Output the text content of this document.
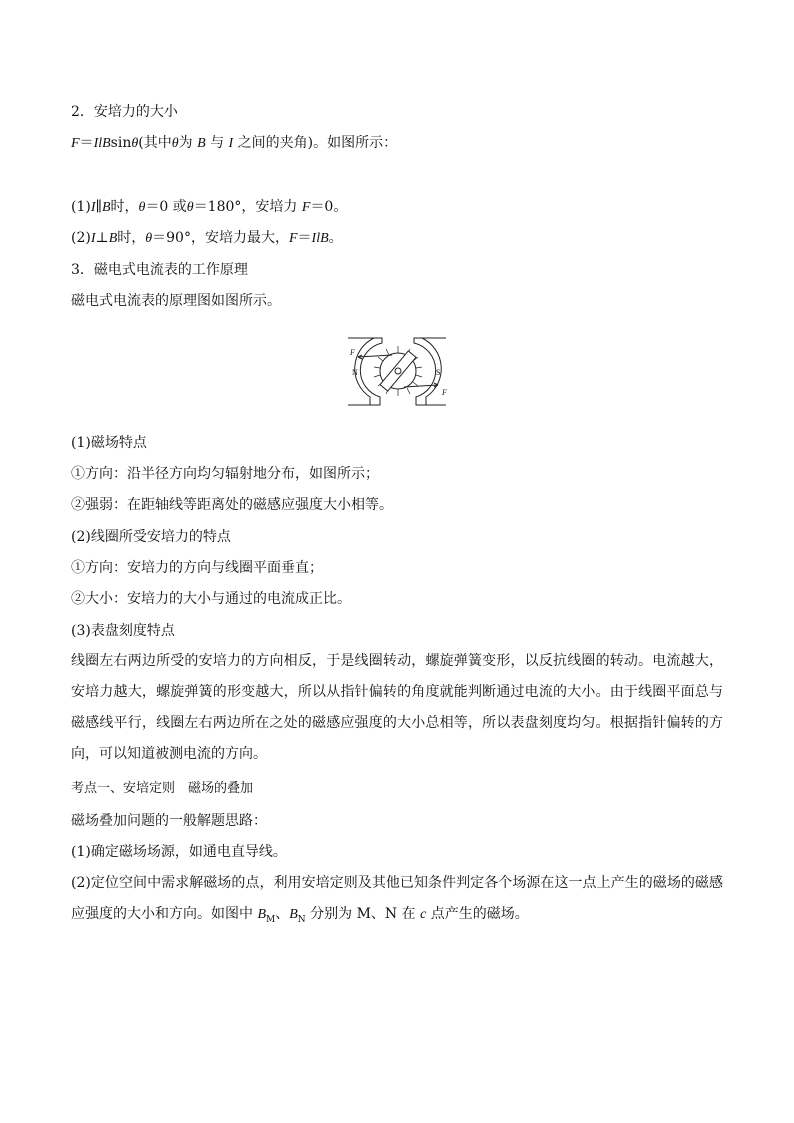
2．安培力的大小
F＝IlBsinθ(其中θ为 B 与 I 之间的夹角)。如图所示：
(1)I∥B时，θ＝0 或θ＝180°，安培力 F＝0。
(2)I⊥B时，θ＝90°，安培力最大，F＝IlB。
3．磁电式电流表的工作原理
磁电式电流表的原理图如图所示。
F
F
N	S
(1)磁场特点
①方向：沿半径方向均匀辐射地分布，如图所示；
②强弱：在距轴线等距离处的磁感应强度大小相等。
(2)线圈所受安培力的特点
①方向：安培力的方向与线圈平面垂直；
②大小：安培力的大小与通过的电流成正比。
(3)表盘刻度特点
线圈左右两边所受的安培力的方向相反，于是线圈转动，螺旋弹簧变形，以反抗线圈的转动。电流越大，安培力越大，螺旋弹簧的形变越大，所以从指针偏转的角度就能判断通过电流的大小。由于线圈平面总与磁感线平行，线圈左右两边所在之处的磁感应强度的大小总相等，所以表盘刻度均匀。根据指针偏转的方向，可以知道被测电流的方向。
考点一、安培定则　磁场的叠加
磁场叠加问题的一般解题思路：
(1)确定磁场场源，如通电直导线。
(2)定位空间中需求解磁场的点，利用安培定则及其他已知条件判定各个场源在这一点上产生的磁场的磁感应强度的大小和方向。如图中 $B_M$、$B_N$ 分别为 M、N 在 c 点产生的磁场。
